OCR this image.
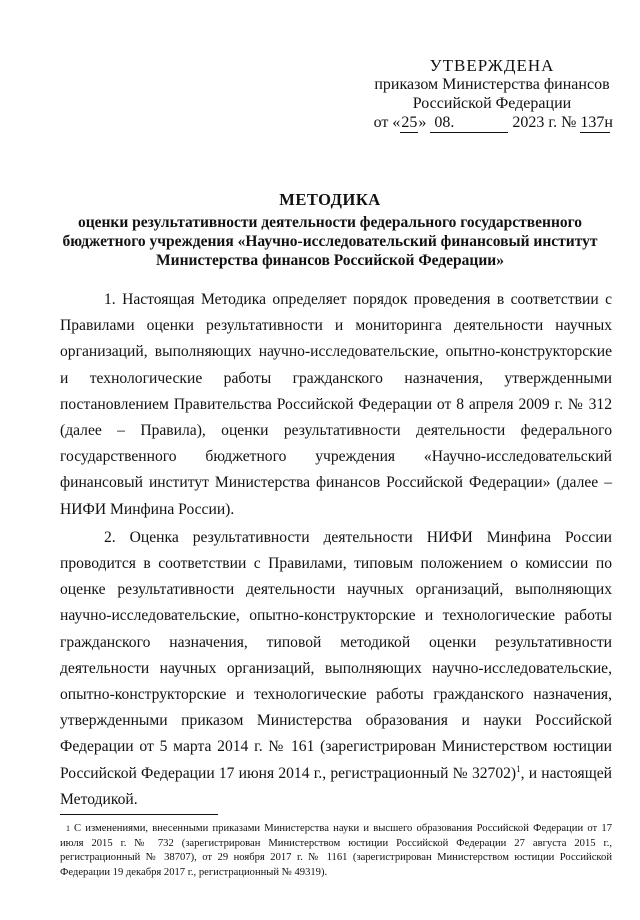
УТВЕРЖДЕНА
приказом Министерства финансов
Российской Федерации
от «25» 08.	2023 г. № 137н
МЕТОДИКА
оценки результативности деятельности федерального государственного
бюджетного учреждения «Научно-исследовательский финансовый институт
Министерства финансов Российской Федерации»

1. Настоящая Методика определяет порядок проведения в соответствии с Правилами оценки результативности и мониторинга деятельности научных организаций, выполняющих научно-исследовательские, опытно-конструкторские и технологические работы гражданского назначения, утвержденными постановлением Правительства Российской Федерации от 8 апреля 2009 г. № 312 (далее – Правила), оценки результативности деятельности федерального государственного бюджетного учреждения «Научно-исследовательский финансовый институт Министерства финансов Российской Федерации» (далее – НИФИ Минфина России).

2. Оценка результативности деятельности НИФИ Минфина России проводится в соответствии с Правилами, типовым положением о комиссии по оценке результативности деятельности научных организаций, выполняющих научно-исследовательские, опытно-конструкторские и технологические работы гражданского назначения, типовой методикой оценки результативности деятельности научных организаций, выполняющих научно-исследовательские, опытно-конструкторские и технологические работы гражданского назначения, утвержденными приказом Министерства образования и науки Российской Федерации от 5 марта 2014 г. № 161 (зарегистрирован Министерством юстиции Российской Федерации 17 июня 2014 г., регистрационный № 32702)$^1$, и настоящей Методикой.

$^1$ С изменениями, внесенными приказами Министерства науки и высшего образования Российской Федерации от 17 июля 2015 г. № 732 (зарегистрирован Министерством юстиции Российской Федерации 27 августа 2015 г., регистрационный № 38707), от 29 ноября 2017 г. № 1161 (зарегистрирован Министерством юстиции Российской Федерации 19 декабря 2017 г., регистрационный № 49319).
